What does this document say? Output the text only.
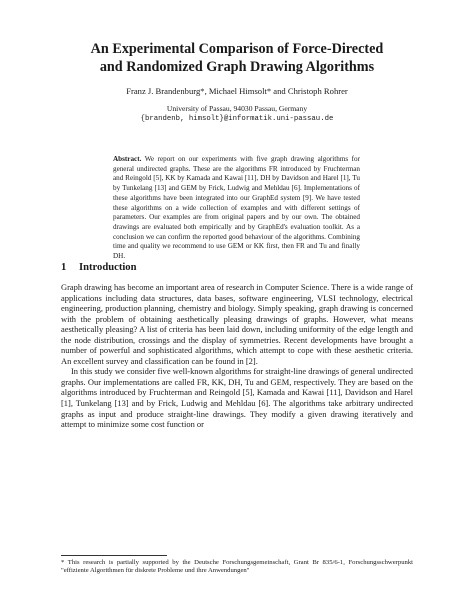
An Experimental Comparison of Force-Directed
and Randomized Graph Drawing Algorithms
Franz J. Brandenburg*, Michael Himsolt* and Christoph Rohrer
University of Passau, 94030 Passau, Germany
{brandenb, himsolt}@informatik.uni-passau.de
Abstract. We report on our experiments with five graph drawing algorithms for general undirected graphs. These are the algorithms FR introduced by Fruchterman and Reingold [5], KK by Kamada and Kawai [11], DH by Davidson and Harel [1], Tu by Tunkelang [13] and GEM by Frick, Ludwig and Mehldau [6]. Implementations of these algorithms have been integrated into our GraphEd system [9]. We have tested these algorithms on a wide collection of examples and with different settings of parameters. Our examples are from original papers and by our own. The obtained drawings are evaluated both empirically and by GraphEd's evaluation toolkit. As a conclusion we can confirm the reported good behaviour of the algorithms. Combining time and quality we recommend to use GEM or KK first, then FR and Tu and finally DH.
1 Introduction

Graph drawing has become an important area of research in Computer Science. There is a wide range of applications including data structures, data bases, software engineering, VLSI technology, electrical engineering, production planning, chemistry and biology. Simply speaking, graph drawing is concerned with the problem of obtaining aesthetically pleasing drawings of graphs. However, what means aesthetically pleasing? A list of criteria has been laid down, including uniformity of the edge length and the node distribution, crossings and the display of symmetries. Recent developments have brought a number of powerful and sophisticated algorithms, which attempt to cope with these aesthetic criteria. An excellent survey and classification can be found in [2].

In this study we consider five well-known algorithms for straight-line drawings of general undirected graphs. Our implementations are called FR, KK, DH, Tu and GEM, respectively. They are based on the algorithms introduced by Fruchterman and Reingold [5], Kamada and Kawai [11], Davidson and Harel [1], Tunkelang [13] and by Frick, Ludwig and Mehldau [6]. The algorithms take arbitrary undirected graphs as input and produce straight-line drawings. They modify a given drawing iteratively and attempt to minimize some cost function or

* This research is partially supported by the Deutsche Forschungsgemeinschaft, Grant Br 835/6-1, Forschungsschwerpunkt "effiziente Algorithmen für diskrete Probleme und ihre Anwendungen"
